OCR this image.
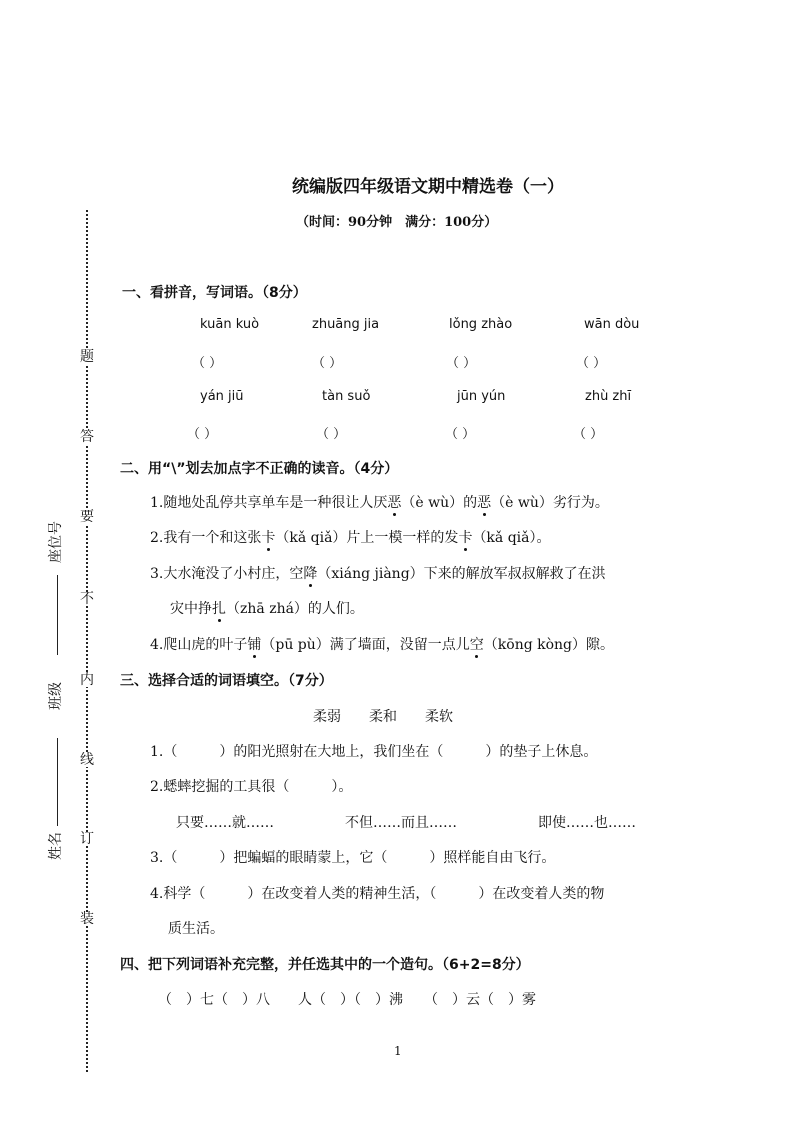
题
答
要
不
内
线
订
装
座位号
班级
姓名
统编版四年级语文期中精选卷（一）
（时间：90分钟　满分：100分）
一、看拼音，写词语。（8分）
kuān kuò	zhuāng jia	lǒng zhào	wān dòu
（ ）	（ ）	（ ）	（ ）
yán jiū	tàn suǒ	jūn yún	zhù zhī
（ ）	（ ）	（ ）	（ ）
二、用“\”划去加点字不正确的读音。（4分）
1.随地处乱停共享单车是一种很让人厌恶（è wù）的恶（è wù）劣行为。
2.我有一个和这张卡（kǎ qiǎ）片上一模一样的发卡（kǎ qiǎ）。
3.大水淹没了小村庄，空降（xiáng jiàng）下来的解放军叔叔解救了在洪
灾中挣扎（zhā zhá）的人们。
4.爬山虎的叶子铺（pū pù）满了墙面，没留一点儿空（kōng kòng）隙。
三、选择合适的词语填空。（7分）
柔弱　　柔和　　柔软
1.（　　　）的阳光照射在大地上，我们坐在（　　　）的垫子上休息。
2.蟋蟀挖掘的工具很（　　　）。
只要……就……	不但……而且……	即使……也……
3.（　　　）把蝙蝠的眼睛蒙上，它（　　　）照样能自由飞行。
4.科学（　　　）在改变着人类的精神生活，（　　　）在改变着人类的物
质生活。
四、把下列词语补充完整，并任选其中的一个造句。（6+2=8分）
（　）七（　）八　　人（　）（　）沸　　（　）云（　）雾
1
